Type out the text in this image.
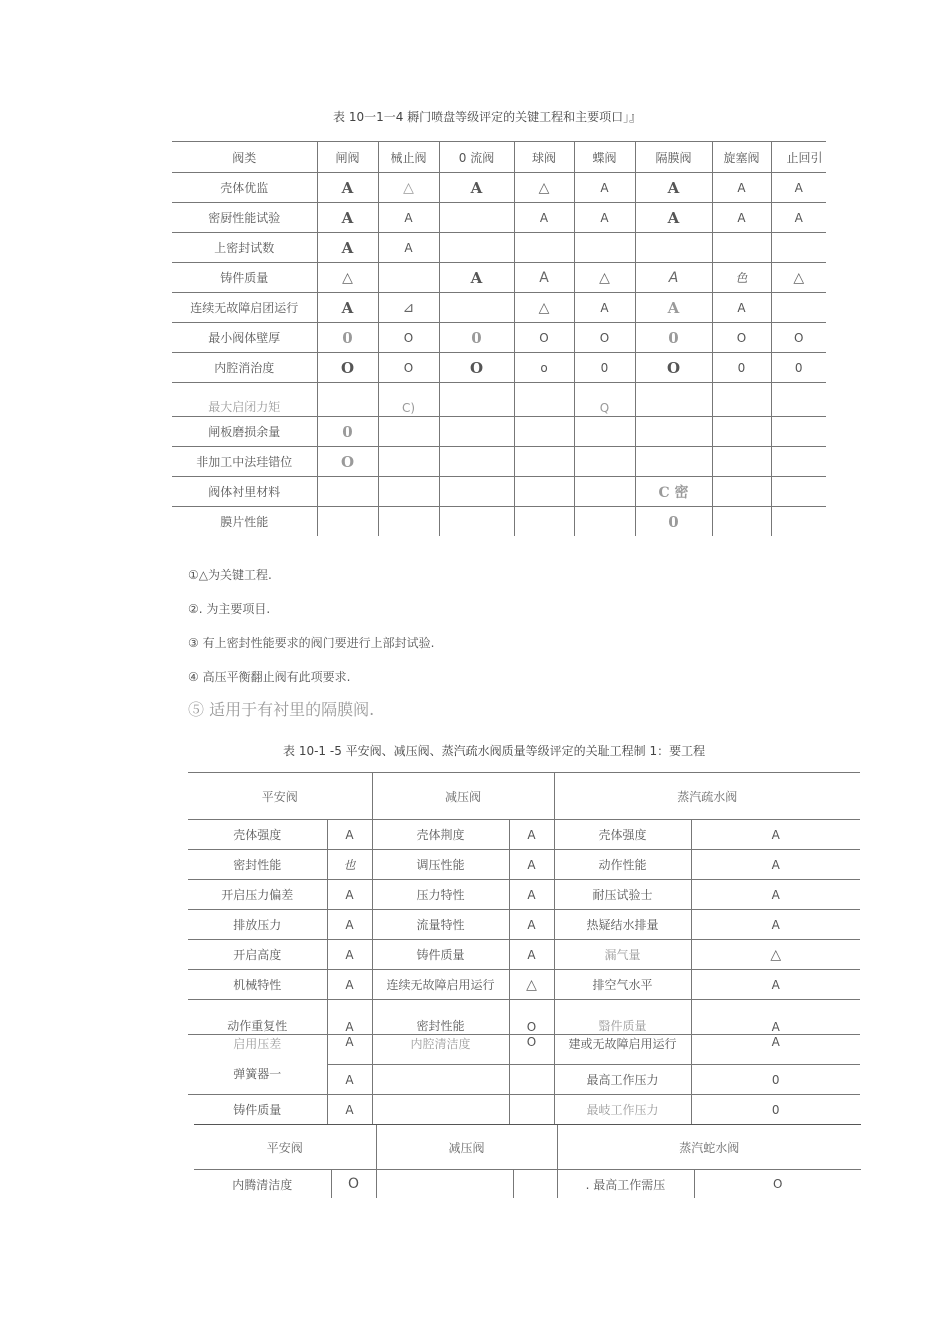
表 10一1一4 耨门喷盘等级评定的关键工程和主要项口」』
阀类	闸阀	械止阀	0 流阀	球阀	蝶阀	隔膜阀	旋塞阀	止回引
壳体优监	A	△	A	△	A	A	A	A
密厨性能试验	A	A		A	A	A	A	A
上密封试数	A	A						
铸件质量	△		A	A	△	A	色	△
连续无故障启团运行	A	⊿		△	A	A	A	
最小阀体壁厚	0	O	0	O	O	0	O	O
内腔消治度	O	O	O	o	0	O	0	0
最大启闭力矩		C)			Q			
闸板磨损余量	0							
非加工中法珪错位	O							
阀体衬里材料						C 密		
膜片性能						0		
①△为关键工程.
②. 为主要项目.
③ 有上密封性能要求的阀门要进行上部封试验.
④ 高压平衡翻止阀有此项要求.
⑤ 适用于有衬里的隔膜阀.
表 10-1 -5 平安阀、减压阀、蒸汽疏水阀质量等级评定的关耻工程制 1：要工程
平安阀		减压阀		蒸汽疏水阀	
壳体强度	A	壳体荆度	A	壳体强度	A
密封性能	也	调压性能	A	动作性能	A
开启压力偏差	A	压力特性	A	耐压试验士	A
排放压力	A	流量特性	A	热疑结水排量	A
开启高度	A	铸件质量	A	漏气量	△
机械特性	A	连续无故障启用运行	△	排空气水平	A
动作重复性	A	密封性能	O	翳件质量	A
启用压差	A	内腔清洁度	O	建或无故障启用运行	A
弹簧器一	A			最高工作压力	0
铸件质量	A			最岐工作压力	0
平安阀		减压阀		蒸汽蛇水阀	
内腾清洁度	O			. 最高工作需压	O
